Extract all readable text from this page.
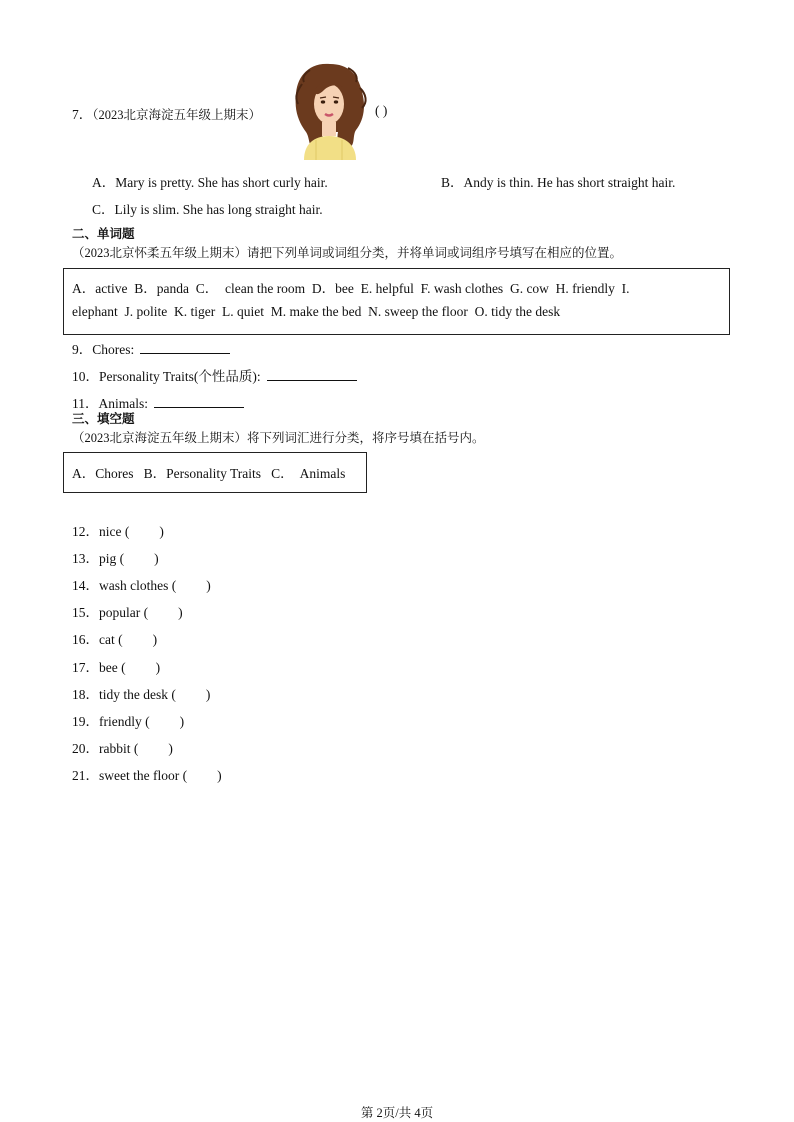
7．（2023北京海淀五年级上期末）	( )
A．Mary is pretty. She has short curly hair.	B．Andy is thin. He has short straight hair.
C．Lily is slim. She has long straight hair.
二、单词题
（2023北京怀柔五年级上期末）请把下列单词或词组分类，并将单词或词组序号填写在相应的位置。
A．active  B．panda  C．  clean the room  D．bee  E. helpful  F. wash clothes  G. cow  H. friendly  I.
elephant  J. polite  K. tiger  L. quiet  M. make the bed  N. sweep the floor  O. tidy the desk
9．Chores:
10．Personality Traits(个性品质):
11．Animals:
三、填空题
（2023北京海淀五年级上期末）将下列词汇进行分类，将序号填在括号内。
A．Chores   B．Personality Traits   C．  Animals
12．nice ( )
13．pig ( )
14．wash clothes ( )
15．popular ( )
16．cat ( )
17．bee ( )
18．tidy the desk ( )
19．friendly ( )
20．rabbit ( )
21．sweet the floor ( )
第 2页/共 4页
